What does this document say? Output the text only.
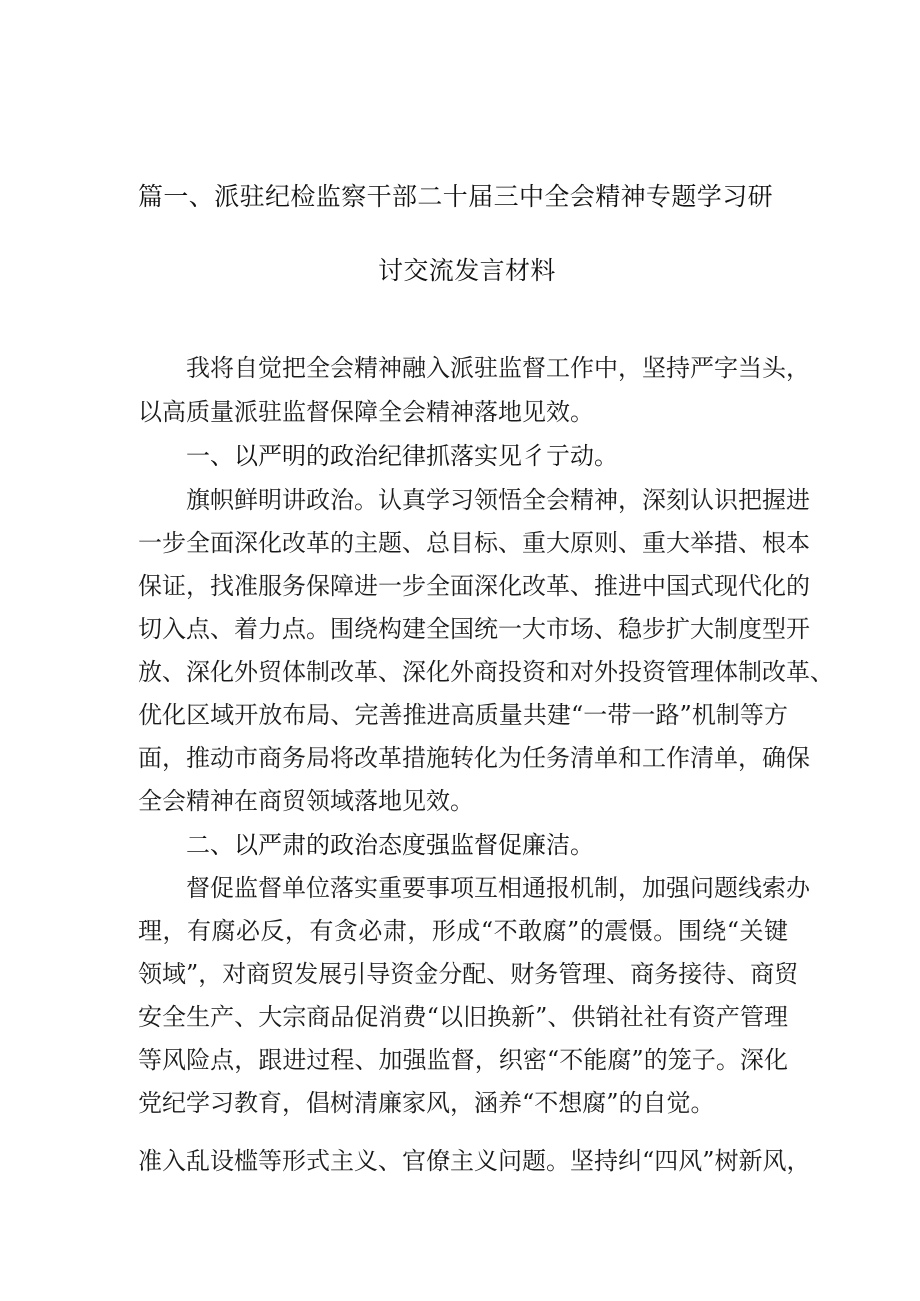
篇一、派驻纪检监察干部二十届三中全会精神专题学习研
讨交流发言材料
我将自觉把全会精神融入派驻监督工作中，坚持严字当头，
以高质量派驻监督保障全会精神落地见效。
一、以严明的政治纪律抓落实见彳亍动。
旗帜鲜明讲政治。认真学习领悟全会精神，深刻认识把握进
一步全面深化改革的主题、总目标、重大原则、重大举措、根本
保证，找准服务保障进一步全面深化改革、推进中国式现代化的
切入点、着力点。围绕构建全国统一大市场、稳步扩大制度型开
放、深化外贸体制改革、深化外商投资和对外投资管理体制改革、
优化区域开放布局、完善推进高质量共建“一带一路”机制等方
面，推动市商务局将改革措施转化为任务清单和工作清单，确保
全会精神在商贸领域落地见效。
二、以严肃的政治态度强监督促廉洁。
督促监督单位落实重要事项互相通报机制，加强问题线索办
理，有腐必反，有贪必肃，形成“不敢腐”的震慑。围绕“关键
领域”，对商贸发展引导资金分配、财务管理、商务接待、商贸
安全生产、大宗商品促消费“以旧换新”、供销社社有资产管理
等风险点，跟进过程、加强监督，织密“不能腐”的笼子。深化
党纪学习教育，倡树清廉家风，涵养“不想腐”的自觉。
准入乱设槛等形式主义、官僚主义问题。坚持纠“四风”树新风，
